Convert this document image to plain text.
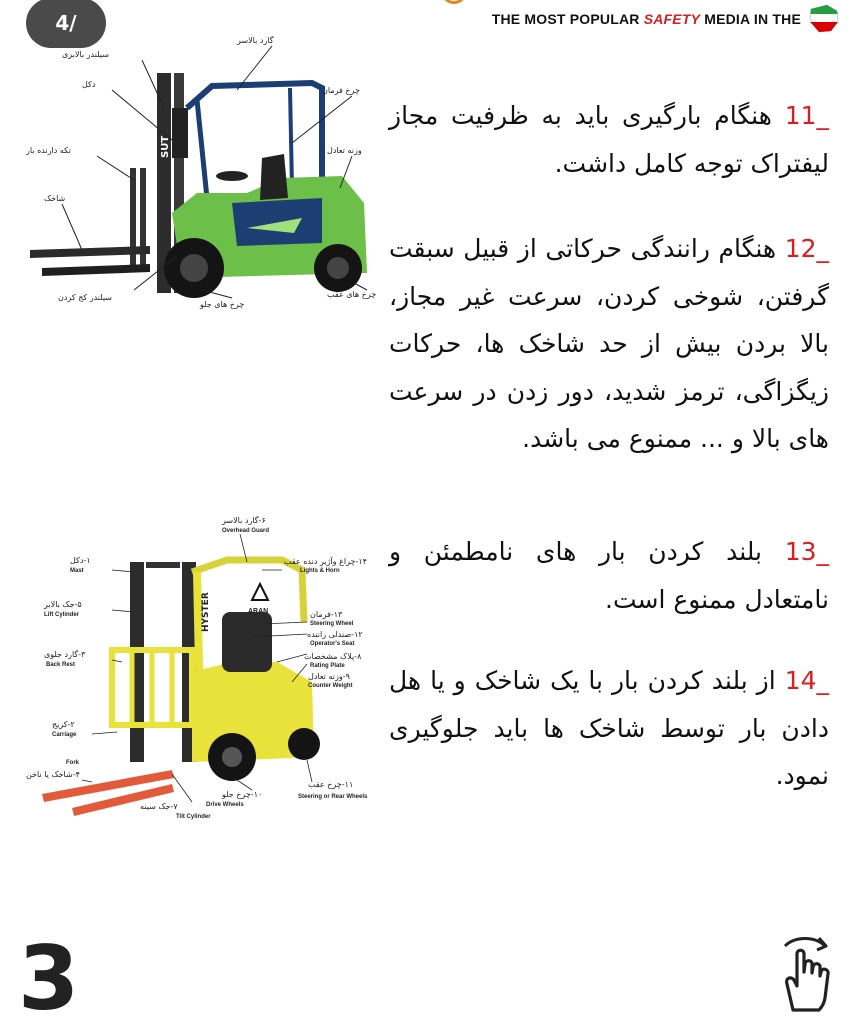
4/	THE MOST POPULAR SAFETY MEDIA IN THE
SUT
گارد بالاسر
سیلندر بالابری
دکل
تکه دارنده بار
شاخک
سیلندر کج کردن
چرخ های جلو
چرخ فرمان
وزنه تعادل
چرخ های عقب
11_ هنگام بارگیری باید به ظرفیت مجاز لیفتراک توجه کامل داشت.
12_ هنگام رانندگی حرکاتی از قبیل سبقت گرفتن، شوخی کردن، سرعت غیر مجاز، بالا بردن بیش از حد شاخک ها، حرکات زیگزاگی، ترمز شدید، دور زدن در سرعت های بالا و ... ممنوع می باشد.
HYSTER	ARAN
۶-گارد بالاسر
Overhead Guard
۱۴-چراغ وآژیر دنده عقب
Lights & Horn
۱-دکل
Mast
۵-جک بالابر
Lift Cylinder
۳-گارد جلوی
Back Rest
۲-کریج
Carriage
Fork
۴-شاخک یا ناخن
۱۳-فرمان
Steering Wheel
۱۲-صندلی راننده
Operator's Seat
۸-پلاک مشخصات
Rating Plate
۹-وزنه تعادل
Counter Weight
۱۱-چرخ عقب
Steering or Rear Wheels
۱۰-چرخ جلو
Drive Wheels
۷-جک سینه
Tilt Cylinder
13_ بلند کردن بار های نامطمئن و نامتعادل ممنوع است.
14_ از بلند کردن بار با یک شاخک و یا هل دادن بار توسط شاخک ها باید جلوگیری نمود.
3
